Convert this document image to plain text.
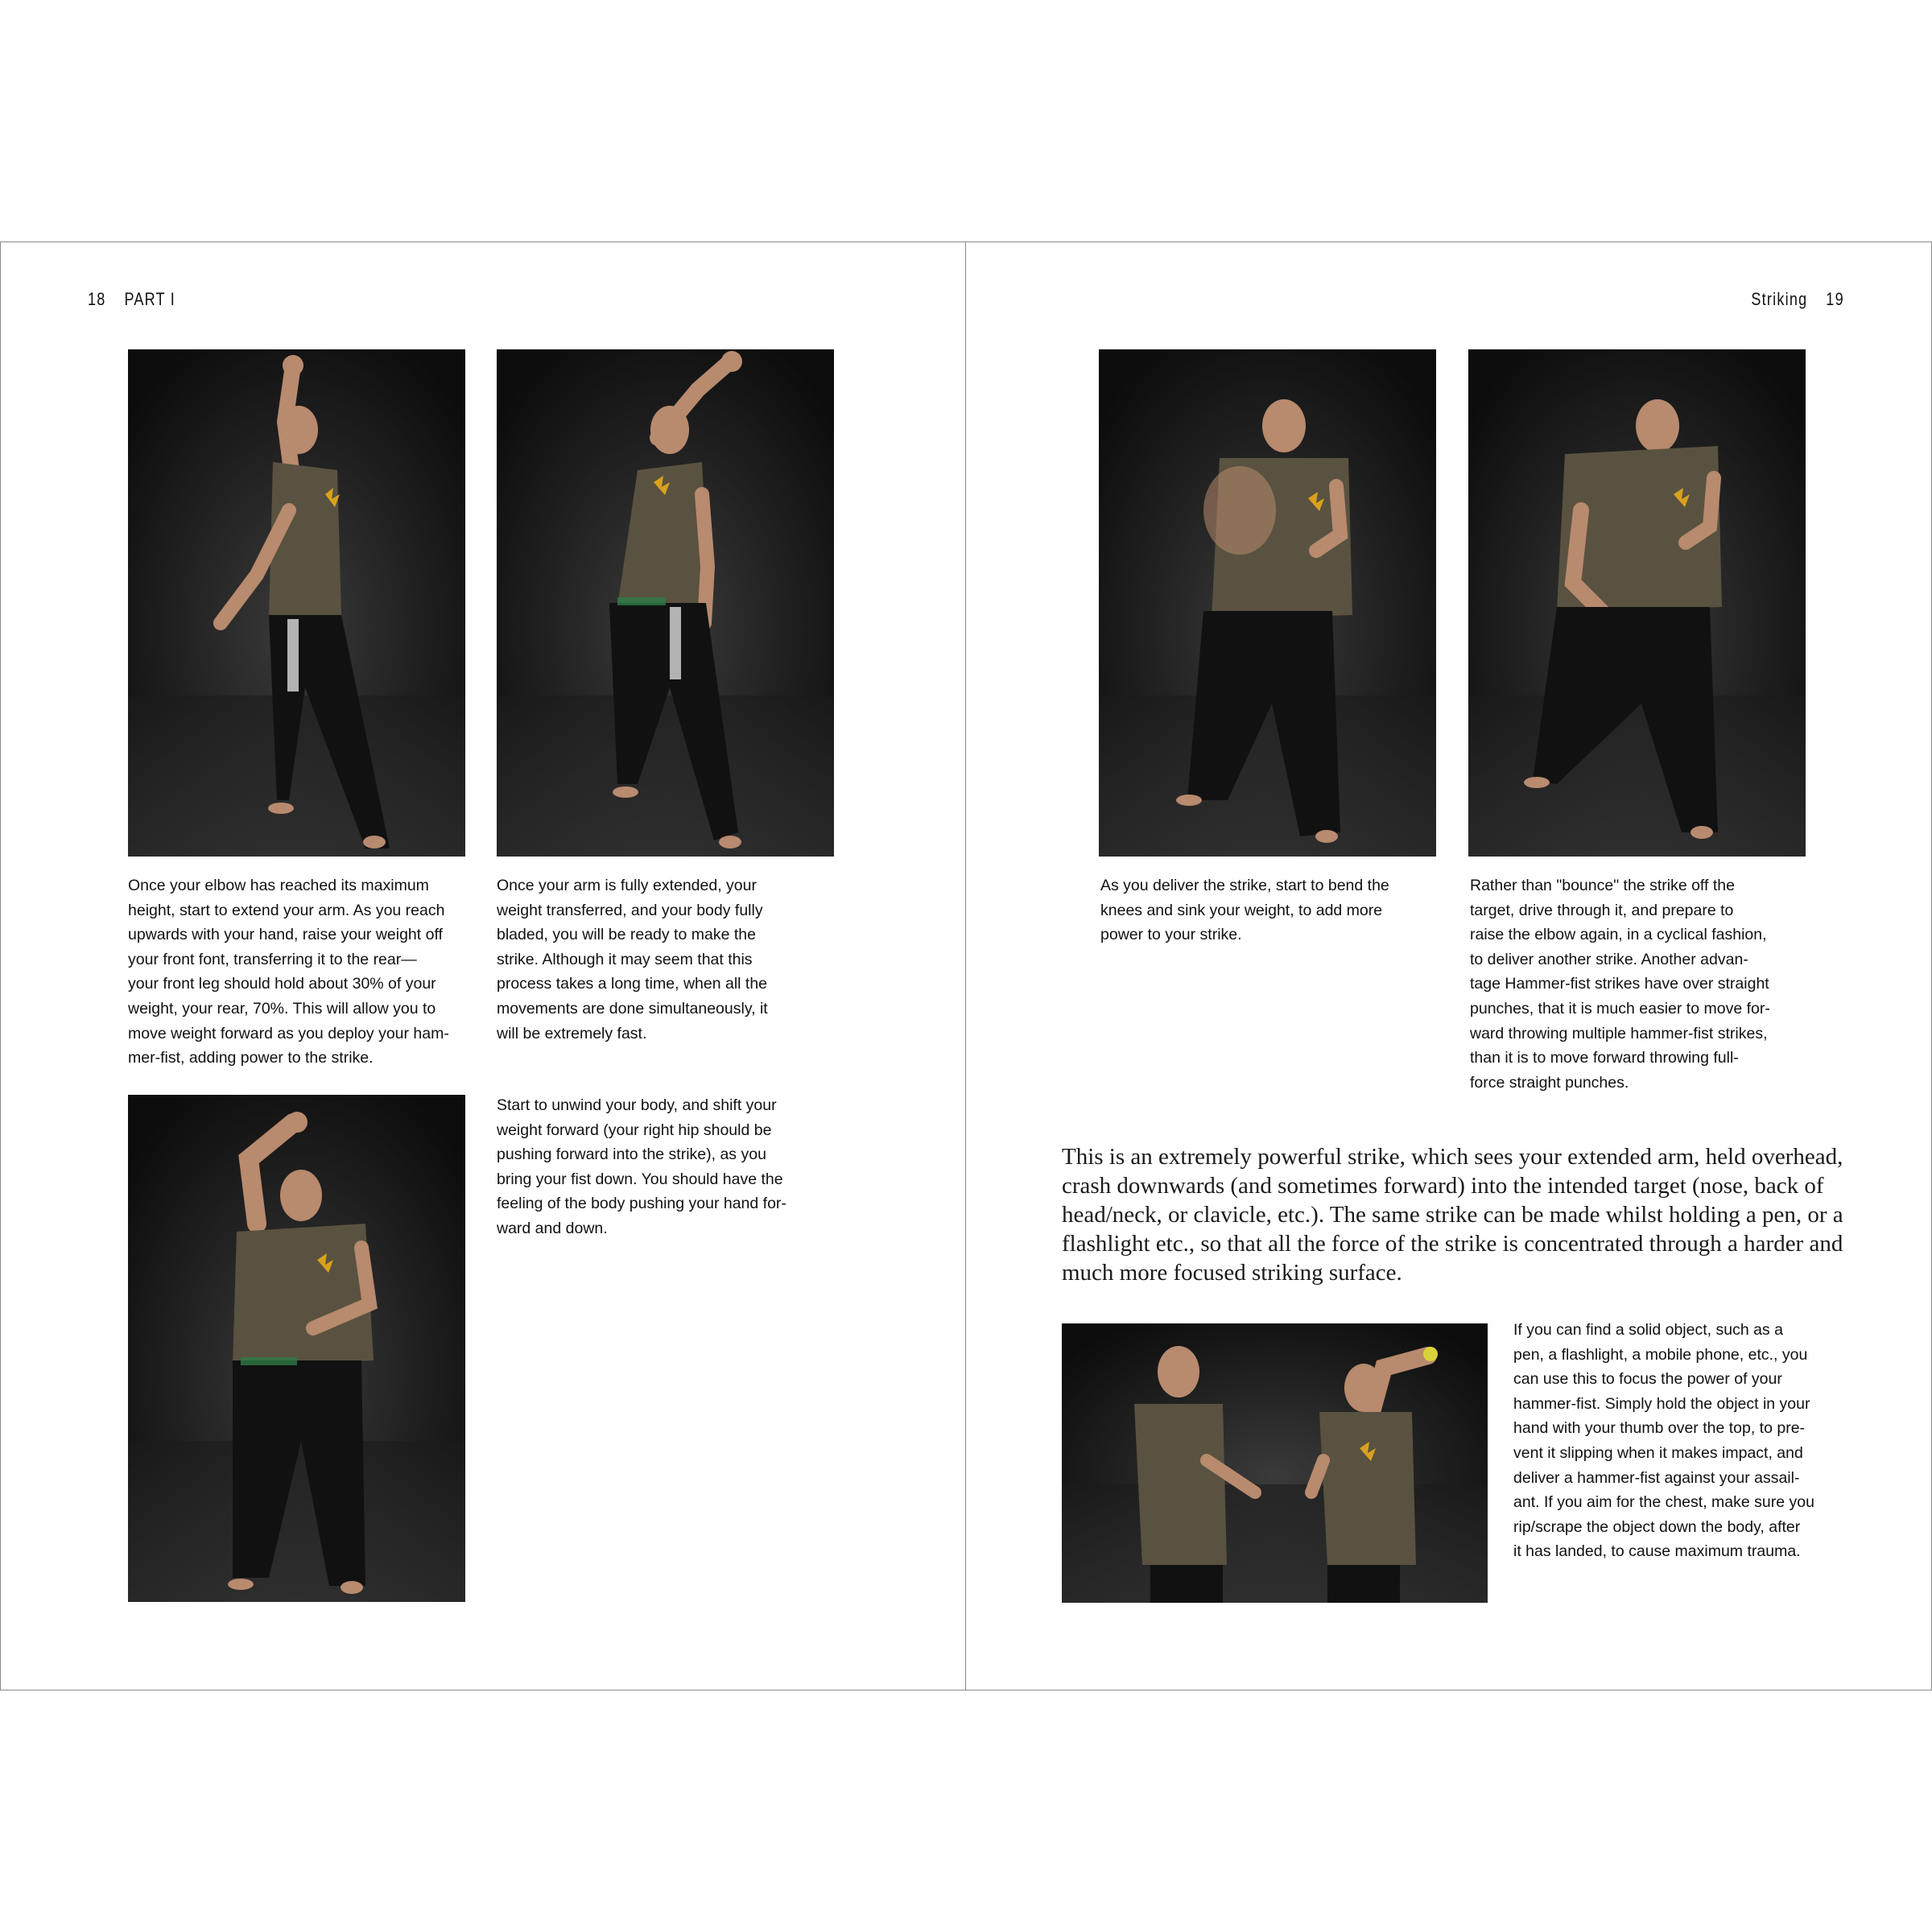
18 PART I
Once your elbow has reached its maximum
height, start to extend your arm. As you reach
upwards with your hand, raise your weight off
your front font, transferring it to the rear—
your front leg should hold about 30% of your
weight, your rear, 70%. This will allow you to
move weight forward as you deploy your ham-
mer-fist, adding power to the strike.
Once your arm is fully extended, your
weight transferred, and your body fully
bladed, you will be ready to make the
strike. Although it may seem that this
process takes a long time, when all the
movements are done simultaneously, it
will be extremely fast.
Start to unwind your body, and shift your
weight forward (your right hip should be
pushing forward into the strike), as you
bring your fist down. You should have the
feeling of the body pushing your hand for-
ward and down.
Striking 19
As you deliver the strike, start to bend the
knees and sink your weight, to add more
power to your strike.
Rather than "bounce" the strike off the
target, drive through it, and prepare to
raise the elbow again, in a cyclical fashion,
to deliver another strike. Another advan-
tage Hammer-fist strikes have over straight
punches, that it is much easier to move for-
ward throwing multiple hammer-fist strikes,
than it is to move forward throwing full-
force straight punches.
This is an extremely powerful strike, which sees your extended arm, held overhead,
crash downwards (and sometimes forward) into the intended target (nose, back of
head/neck, or clavicle, etc.). The same strike can be made whilst holding a pen, or a
flashlight etc., so that all the force of the strike is concentrated through a harder and
much more focused striking surface.
If you can find a solid object, such as a
pen, a flashlight, a mobile phone, etc., you
can use this to focus the power of your
hammer-fist. Simply hold the object in your
hand with your thumb over the top, to pre-
vent it slipping when it makes impact, and
deliver a hammer-fist against your assail-
ant. If you aim for the chest, make sure you
rip/scrape the object down the body, after
it has landed, to cause maximum trauma.
